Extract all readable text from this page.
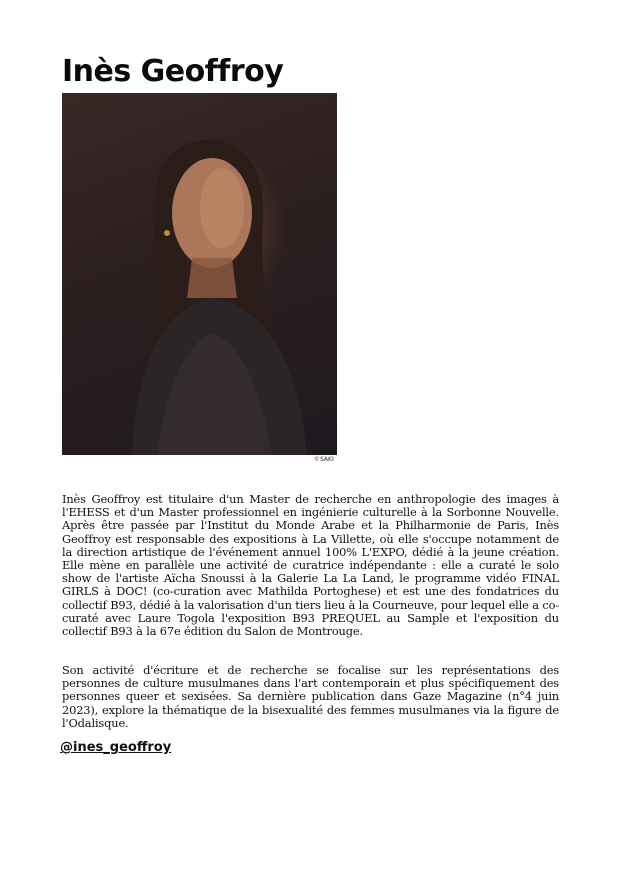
Inès Geoffroy
©SAKI

Inès Geoffroy est titulaire d'un Master de recherche en anthropologie des images à l'EHESS et d'un Master professionnel en ingénierie culturelle à la Sorbonne Nouvelle. Après être passée par l'Institut du Monde Arabe et la Philharmonie de Paris, Inès Geoffroy est responsable des expositions à La Villette, où elle s'occupe notamment de la direction artistique de l'événement annuel 100% L'EXPO, dédié à la jeune création. Elle mène en parallèle une activité de curatrice indépendante : elle a curaté le solo show de l'artiste Aïcha Snoussi à la Galerie La La Land, le programme vidéo FINAL GIRLS à DOC! (co-curation avec Mathilda Portoghese) et est une des fondatrices du collectif B93, dédié à la valorisation d'un tiers lieu à la Courneuve, pour lequel elle a co-curaté avec Laure Togola l'exposition B93 PREQUEL au Sample et l'exposition du collectif B93 à la 67e édition du Salon de Montrouge.

Son activité d'écriture et de recherche se focalise sur les représentations des personnes de culture musulmanes dans l'art contemporain et plus spécifiquement des personnes queer et sexisées. Sa dernière publication dans Gaze Magazine (n°4 juin 2023), explore la thématique de la bisexualité des femmes musulmanes via la figure de l'Odalisque.

@ines_geoffroy
